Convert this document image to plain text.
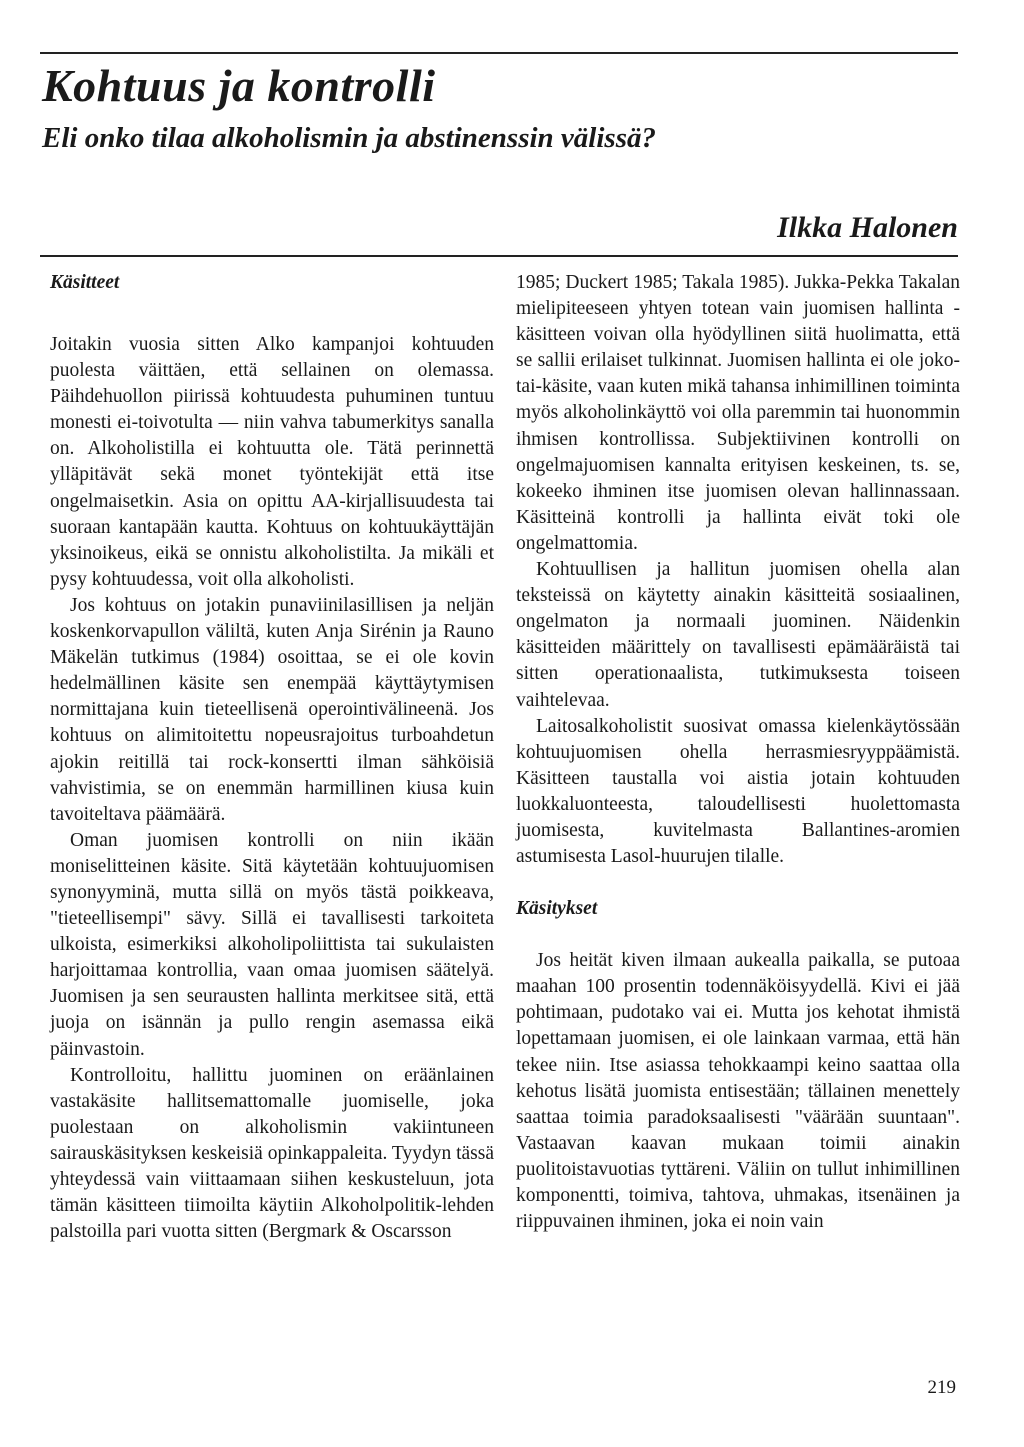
Kohtuus ja kontrolli
Eli onko tilaa alkoholismin ja abstinenssin välissä?
Ilkka Halonen
Käsitteet

Joitakin vuosia sitten Alko kampanjoi kohtuuden puolesta väittäen, että sellainen on olemassa. Päihdehuollon piirissä kohtuudesta puhuminen tuntuu monesti ei-toivotulta — niin vahva tabumerkitys sanalla on. Alkoholistilla ei kohtuutta ole. Tätä perinnettä ylläpitävät sekä monet työntekijät että itse ongelmaisetkin. Asia on opittu AA-kirjallisuudesta tai suoraan kantapään kautta. Kohtuus on kohtuukäyttäjän yksinoikeus, eikä se onnistu alkoholistilta. Ja mikäli et pysy kohtuudessa, voit olla alkoholisti.

Jos kohtuus on jotakin punaviinilasillisen ja neljän koskenkorvapullon väliltä, kuten Anja Sirénin ja Rauno Mäkelän tutkimus (1984) osoittaa, se ei ole kovin hedelmällinen käsite sen enempää käyttäytymisen normittajana kuin tieteellisenä operointivälineenä. Jos kohtuus on alimitoitettu nopeusrajoitus turboahdetun ajokin reitillä tai rock-konsertti ilman sähköisiä vahvistimia, se on enemmän harmillinen kiusa kuin tavoiteltava päämäärä.

Oman juomisen kontrolli on niin ikään moniselitteinen käsite. Sitä käytetään kohtuujuomisen synonyyminä, mutta sillä on myös tästä poikkeava, "tieteellisempi" sävy. Sillä ei tavallisesti tarkoiteta ulkoista, esimerkiksi alkoholipoliittista tai sukulaisten harjoittamaa kontrollia, vaan omaa juomisen säätelyä. Juomisen ja sen seurausten hallinta merkitsee sitä, että juoja on isännän ja pullo rengin asemassa eikä päinvastoin.

Kontrolloitu, hallittu juominen on eräänlainen vastakäsite hallitsemattomalle juomiselle, joka puolestaan on alkoholismin vakiintuneen sairauskäsityksen keskeisiä opinkappaleita. Tyydyn tässä yhteydessä vain viittaamaan siihen keskusteluun, jota tämän käsitteen tiimoilta käytiin Alkoholpolitik-lehden palstoilla pari vuotta sitten (Bergmark & Oscarsson

1985; Duckert 1985; Takala 1985). Jukka-Pekka Takalan mielipiteeseen yhtyen totean vain juomisen hallinta -käsitteen voivan olla hyödyllinen siitä huolimatta, että se sallii erilaiset tulkinnat. Juomisen hallinta ei ole joko-tai-käsite, vaan kuten mikä tahansa inhimillinen toiminta myös alkoholinkäyttö voi olla paremmin tai huonommin ihmisen kontrollissa. Subjektiivinen kontrolli on ongelmajuomisen kannalta erityisen keskeinen, ts. se, kokeeko ihminen itse juomisen olevan hallinnassaan. Käsitteinä kontrolli ja hallinta eivät toki ole ongelmattomia.

Kohtuullisen ja hallitun juomisen ohella alan teksteissä on käytetty ainakin käsitteitä sosiaalinen, ongelmaton ja normaali juominen. Näidenkin käsitteiden määrittely on tavallisesti epämääräistä tai sitten operationaalista, tutkimuksesta toiseen vaihtelevaa.

Laitosalkoholistit suosivat omassa kielenkäytössään kohtuujuomisen ohella herrasmiesryyppäämistä. Käsitteen taustalla voi aistia jotain kohtuuden luokkaluonteesta, taloudellisesti huolettomasta juomisesta, kuvitelmasta Ballantines-aromien astumisesta Lasol-huurujen tilalle.

Käsitykset

Jos heität kiven ilmaan aukealla paikalla, se putoaa maahan 100 prosentin todennäköisyydellä. Kivi ei jää pohtimaan, pudotako vai ei. Mutta jos kehotat ihmistä lopettamaan juomisen, ei ole lainkaan varmaa, että hän tekee niin. Itse asiassa tehokkaampi keino saattaa olla kehotus lisätä juomista entisestään; tällainen menettely saattaa toimia paradoksaalisesti "väärään suuntaan". Vastaavan kaavan mukaan toimii ainakin puolitoistavuotias tyttäreni. Väliin on tullut inhimillinen komponentti, toimiva, tahtova, uhmakas, itsenäinen ja riippuvainen ihminen, joka ei noin vain

219
